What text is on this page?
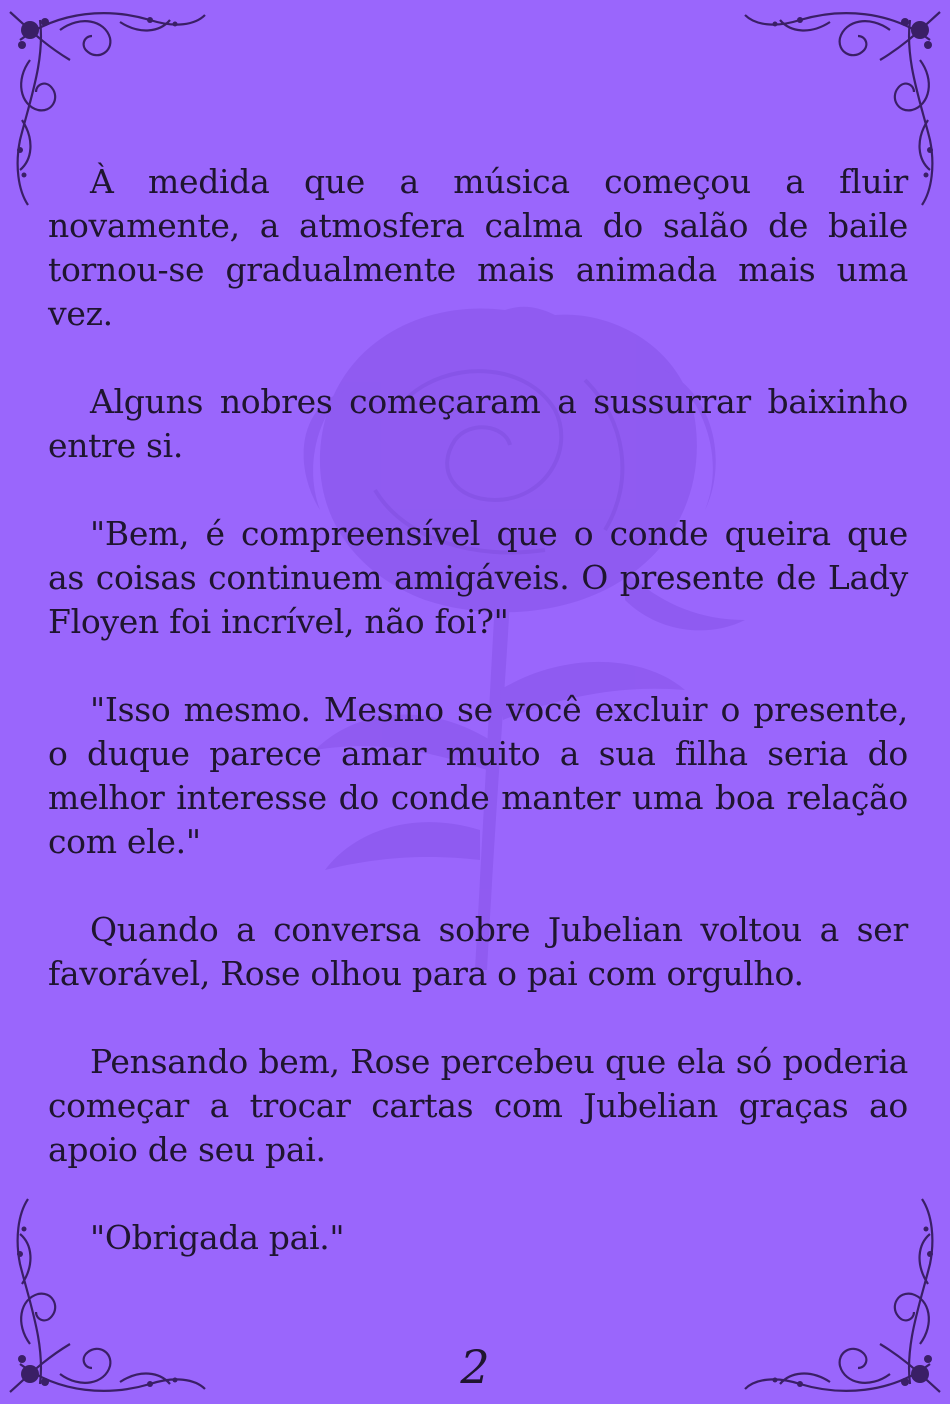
À medida que a música começou a fluir novamente, a atmosfera calma do salão de baile tornou-se gradualmente mais animada mais uma vez.

Alguns nobres começaram a sussurrar baixinho entre si.

"Bem, é compreensível que o conde queira que as coisas continuem amigáveis. O presente de Lady Floyen foi incrível, não foi?"

"Isso mesmo. Mesmo se você excluir o presente, o duque parece amar muito a sua filha seria do melhor interesse do conde manter uma boa relação com ele."

Quando a conversa sobre Jubelian voltou a ser favorável, Rose olhou para o pai com orgulho.

Pensando bem, Rose percebeu que ela só poderia começar a trocar cartas com Jubelian graças ao apoio de seu pai.

"Obrigada pai."

2
